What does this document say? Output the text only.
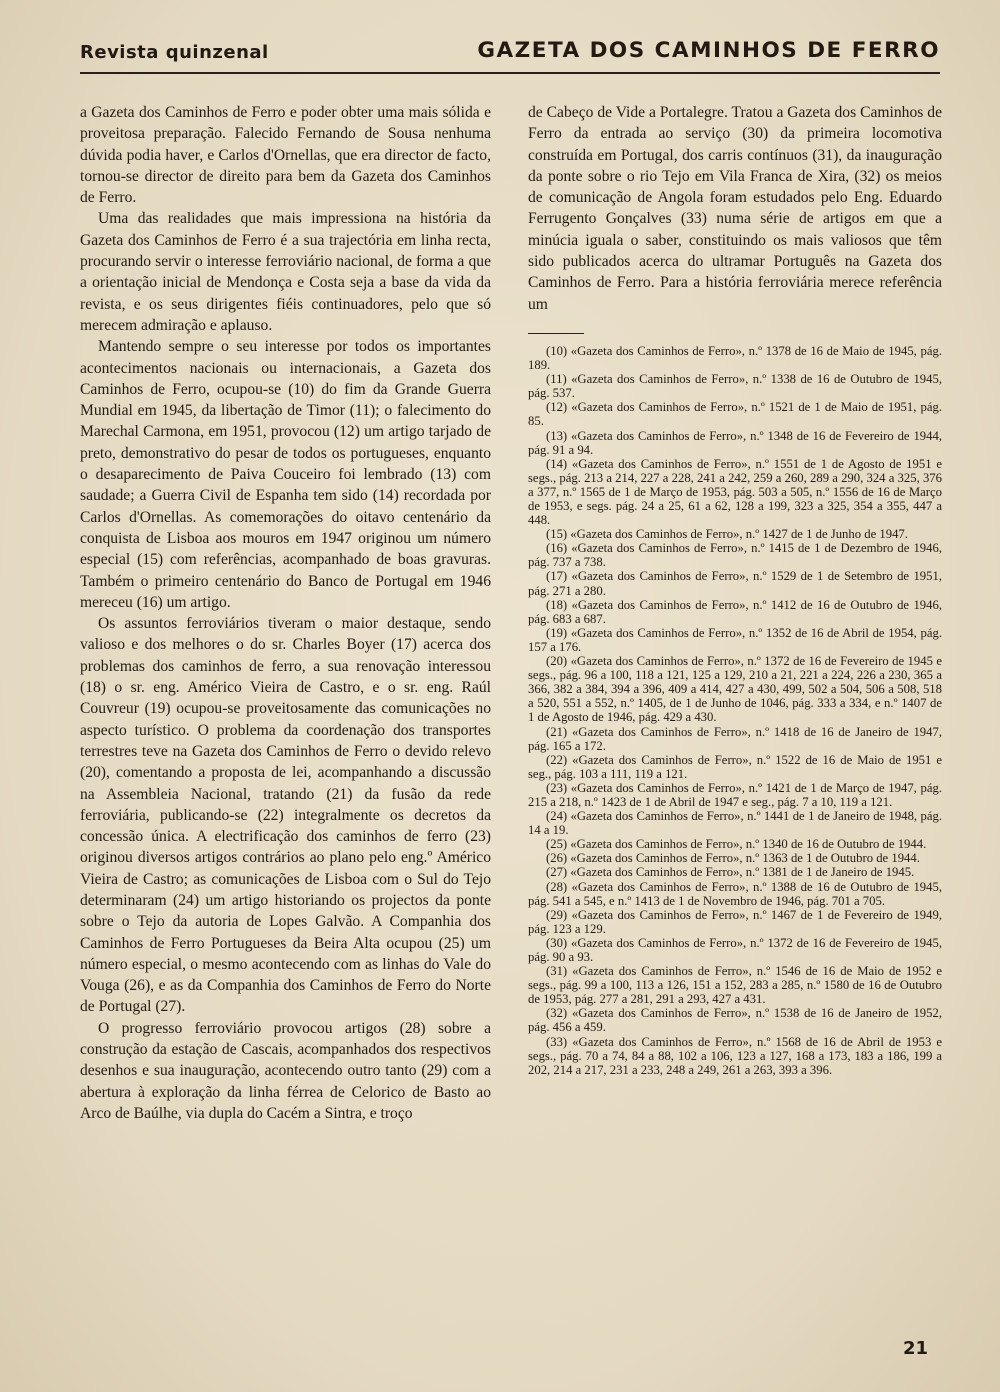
Revista quinzenal	GAZETA DOS CAMINHOS DE FERRO

a Gazeta dos Caminhos de Ferro e poder obter uma mais sólida e proveitosa preparação. Falecido Fernando de Sousa nenhuma dúvida podia haver, e Carlos d'Ornellas, que era director de facto, tornou-se director de direito para bem da Gazeta dos Caminhos de Ferro.

Uma das realidades que mais impressiona na história da Gazeta dos Caminhos de Ferro é a sua trajectória em linha recta, procurando servir o interesse ferroviário nacional, de forma a que a orientação inicial de Mendonça e Costa seja a base da vida da revista, e os seus dirigentes fiéis continuadores, pelo que só merecem admiração e aplauso.

Mantendo sempre o seu interesse por todos os importantes acontecimentos nacionais ou internacionais, a Gazeta dos Caminhos de Ferro, ocupou-se (10) do fim da Grande Guerra Mundial em 1945, da libertação de Timor (11); o falecimento do Marechal Carmona, em 1951, provocou (12) um artigo tarjado de preto, demonstrativo do pesar de todos os portugueses, enquanto o desaparecimento de Paiva Couceiro foi lembrado (13) com saudade; a Guerra Civil de Espanha tem sido (14) recordada por Carlos d'Ornellas. As comemorações do oitavo centenário da conquista de Lisboa aos mouros em 1947 originou um número especial (15) com referências, acompanhado de boas gravuras. Também o primeiro centenário do Banco de Portugal em 1946 mereceu (16) um artigo.

Os assuntos ferroviários tiveram o maior destaque, sendo valioso e dos melhores o do sr. Charles Boyer (17) acerca dos problemas dos caminhos de ferro, a sua renovação interessou (18) o sr. eng. Américo Vieira de Castro, e o sr. eng. Raúl Couvreur (19) ocupou-se proveitosamente das comunicações no aspecto turístico. O problema da coordenação dos transportes terrestres teve na Gazeta dos Caminhos de Ferro o devido relevo (20), comentando a proposta de lei, acompanhando a discussão na Assembleia Nacional, tratando (21) da fusão da rede ferroviária, publicando-se (22) integralmente os decretos da concessão única. A electrificação dos caminhos de ferro (23) originou diversos artigos contrários ao plano pelo eng.º Américo Vieira de Castro; as comunicações de Lisboa com o Sul do Tejo determinaram (24) um artigo historiando os projectos da ponte sobre o Tejo da autoria de Lopes Galvão. A Companhia dos Caminhos de Ferro Portugueses da Beira Alta ocupou (25) um número especial, o mesmo acontecendo com as linhas do Vale do Vouga (26), e as da Companhia dos Caminhos de Ferro do Norte de Portugal (27).

O progresso ferroviário provocou artigos (28) sobre a construção da estação de Cascais, acompanhados dos respectivos desenhos e sua inauguração, acontecendo outro tanto (29) com a abertura à exploração da linha férrea de Celorico de Basto ao Arco de Baúlhe, via dupla do Cacém a Sintra, e troço

de Cabeço de Vide a Portalegre. Tratou a Gazeta dos Caminhos de Ferro da entrada ao serviço (30) da primeira locomotiva construída em Portugal, dos carris contínuos (31), da inauguração da ponte sobre o rio Tejo em Vila Franca de Xira, (32) os meios de comunicação de Angola foram estudados pelo Eng. Eduardo Ferrugento Gonçalves (33) numa série de artigos em que a minúcia iguala o saber, constituindo os mais valiosos que têm sido publicados acerca do ultramar Português na Gazeta dos Caminhos de Ferro. Para a história ferroviária merece referência um

(10) «Gazeta dos Caminhos de Ferro», n.º 1378 de 16 de Maio de 1945, pág. 189.

(11) «Gazeta dos Caminhos de Ferro», n.º 1338 de 16 de Outubro de 1945, pág. 537.

(12) «Gazeta dos Caminhos de Ferro», n.º 1521 de 1 de Maio de 1951, pág. 85.

(13) «Gazeta dos Caminhos de Ferro», n.º 1348 de 16 de Fevereiro de 1944, pág. 91 a 94.

(14) «Gazeta dos Caminhos de Ferro», n.º 1551 de 1 de Agosto de 1951 e segs., pág. 213 a 214, 227 a 228, 241 a 242, 259 a 260, 289 a 290, 324 a 325, 376 a 377, n.º 1565 de 1 de Março de 1953, pág. 503 a 505, n.º 1556 de 16 de Março de 1953, e segs. pág. 24 a 25, 61 a 62, 128 a 199, 323 a 325, 354 a 355, 447 a 448.

(15) «Gazeta dos Caminhos de Ferro», n.º 1427 de 1 de Junho de 1947.

(16) «Gazeta dos Caminhos de Ferro», n.º 1415 de 1 de Dezembro de 1946, pág. 737 a 738.

(17) «Gazeta dos Caminhos de Ferro», n.º 1529 de 1 de Setembro de 1951, pág. 271 a 280.

(18) «Gazeta dos Caminhos de Ferro», n.º 1412 de 16 de Outubro de 1946, pág. 683 a 687.

(19) «Gazeta dos Caminhos de Ferro», n.º 1352 de 16 de Abril de 1954, pág. 157 a 176.

(20) «Gazeta dos Caminhos de Ferro», n.º 1372 de 16 de Fevereiro de 1945 e segs., pág. 96 a 100, 118 a 121, 125 a 129, 210 a 21, 221 a 224, 226 a 230, 365 a 366, 382 a 384, 394 a 396, 409 a 414, 427 a 430, 499, 502 a 504, 506 a 508, 518 a 520, 551 a 552, n.º 1405, de 1 de Junho de 1046, pág. 333 a 334, e n.º 1407 de 1 de Agosto de 1946, pág. 429 a 430.

(21) «Gazeta dos Caminhos de Ferro», n.º 1418 de 16 de Janeiro de 1947, pág. 165 a 172.

(22) «Gazeta dos Caminhos de Ferro», n.º 1522 de 16 de Maio de 1951 e seg., pág. 103 a 111, 119 a 121.

(23) «Gazeta dos Caminhos de Ferro», n.º 1421 de 1 de Março de 1947, pág. 215 a 218, n.º 1423 de 1 de Abril de 1947 e seg., pág. 7 a 10, 119 a 121.

(24) «Gazeta dos Caminhos de Ferro», n.º 1441 de 1 de Janeiro de 1948, pág. 14 a 19.

(25) «Gazeta dos Caminhos de Ferro», n.º 1340 de 16 de Outubro de 1944.

(26) «Gazeta dos Caminhos de Ferro», n.º 1363 de 1 de Outubro de 1944.

(27) «Gazeta dos Caminhos de Ferro», n.º 1381 de 1 de Janeiro de 1945.

(28) «Gazeta dos Caminhos de Ferro», n.º 1388 de 16 de Outubro de 1945, pág. 541 a 545, e n.º 1413 de 1 de Novembro de 1946, pág. 701 a 705.

(29) «Gazeta dos Caminhos de Ferro», n.º 1467 de 1 de Fevereiro de 1949, pág. 123 a 129.

(30) «Gazeta dos Caminhos de Ferro», n.º 1372 de 16 de Fevereiro de 1945, pág. 90 a 93.

(31) «Gazeta dos Caminhos de Ferro», n.º 1546 de 16 de Maio de 1952 e segs., pág. 99 a 100, 113 a 126, 151 a 152, 283 a 285, n.º 1580 de 16 de Outubro de 1953, pág. 277 a 281, 291 a 293, 427 a 431.

(32) «Gazeta dos Caminhos de Ferro», n.º 1538 de 16 de Janeiro de 1952, pág. 456 a 459.

(33) «Gazeta dos Caminhos de Ferro», n.º 1568 de 16 de Abril de 1953 e segs., pág. 70 a 74, 84 a 88, 102 a 106, 123 a 127, 168 a 173, 183 a 186, 199 a 202, 214 a 217, 231 a 233, 248 a 249, 261 a 263, 393 a 396.

21
